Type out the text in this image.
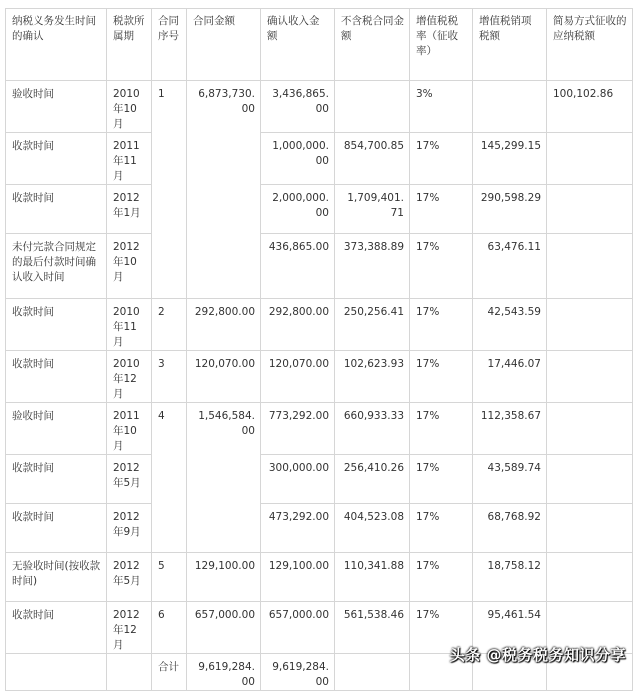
纳税义务发生时间的确认	税款所属期	合同序号	合同金额	确认收入金额	不含税合同金额	增值税税率（征收率）	增值税销项税额	简易方式征收的应纳税额
验收时间	2010年10月	1	6,873,730.00	3,436,865.00		3%		100,102.86
收款时间	2011年11月			1,000,000.00	854,700.85	17%	145,299.15	
收款时间	2012年1月			2,000,000.00	1,709,401.71	17%	290,598.29	
未付完款合同规定的最后付款时间确认收入时间	2012年10月			436,865.00	373,388.89	17%	63,476.11	
收款时间	2010年11月	2	292,800.00	292,800.00	250,256.41	17%	42,543.59	
收款时间	2010年12月	3	120,070.00	120,070.00	102,623.93	17%	17,446.07	
验收时间	2011年10月	4	1,546,584.00	773,292.00	660,933.33	17%	112,358.67	
收款时间	2012年5月			300,000.00	256,410.26	17%	43,589.74	
收款时间	2012年9月			473,292.00	404,523.08	17%	68,768.92	
无验收时间(按收款时间)	2012年5月	5	129,100.00	129,100.00	110,341.88	17%	18,758.12	
收款时间	2012年12月	6	657,000.00	657,000.00	561,538.46	17%	95,461.54	
		合计	9,619,284.00	9,619,284.00				
头条 @税务税务知识分享
